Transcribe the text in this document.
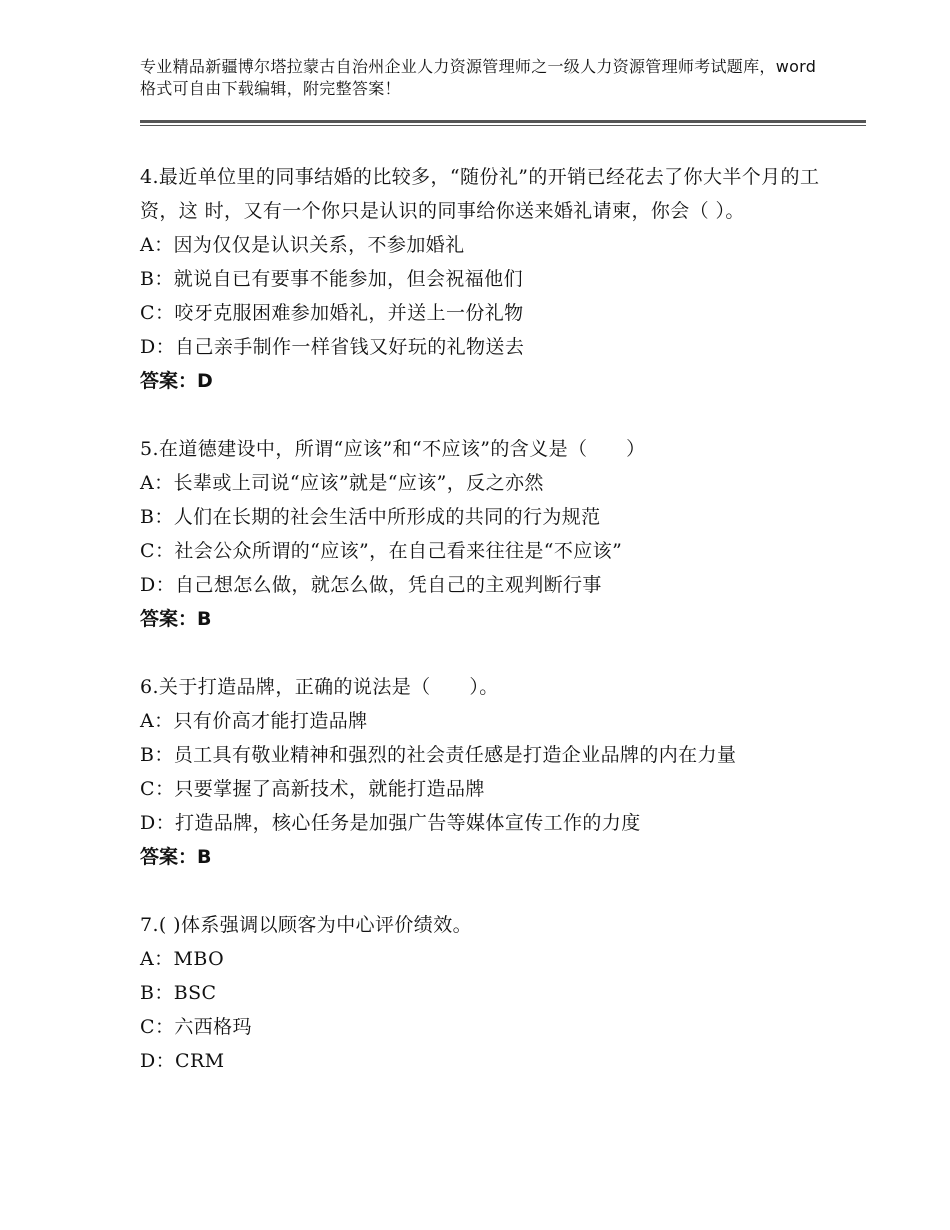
专业精品新疆博尔塔拉蒙古自治州企业人力资源管理师之一级人力资源管理师考试题库，word格式可自由下载编辑，附完整答案！
4.最近单位里的同事结婚的比较多，“随份礼”的开销已经花去了你大半个月的工资，这 时，又有一个你只是认识的同事给你送来婚礼请柬，你会（ ）。
A：因为仅仅是认识关系，不参加婚礼
B：就说自已有要事不能参加，但会祝福他们
C：咬牙克服困难参加婚礼，并送上一份礼物
D：自己亲手制作一样省钱又好玩的礼物送去
答案：D
5.在道德建设中，所谓“应该”和“不应该”的含义是（　　）
A：长辈或上司说“应该”就是“应该”，反之亦然
B：人们在长期的社会生活中所形成的共同的行为规范
C：社会公众所谓的“应该”，在自己看来往往是“不应该”
D：自己想怎么做，就怎么做，凭自己的主观判断行事
答案：B
6.关于打造品牌，正确的说法是（　　）。
A：只有价高才能打造品牌
B：员工具有敬业精神和强烈的社会责任感是打造企业品牌的内在力量
C：只要掌握了高新技术，就能打造品牌
D：打造品牌，核心任务是加强广告等媒体宣传工作的力度
答案：B
7.( )体系强调以顾客为中心评价绩效。
A：MBO
B：BSC
C：六西格玛
D：CRM
